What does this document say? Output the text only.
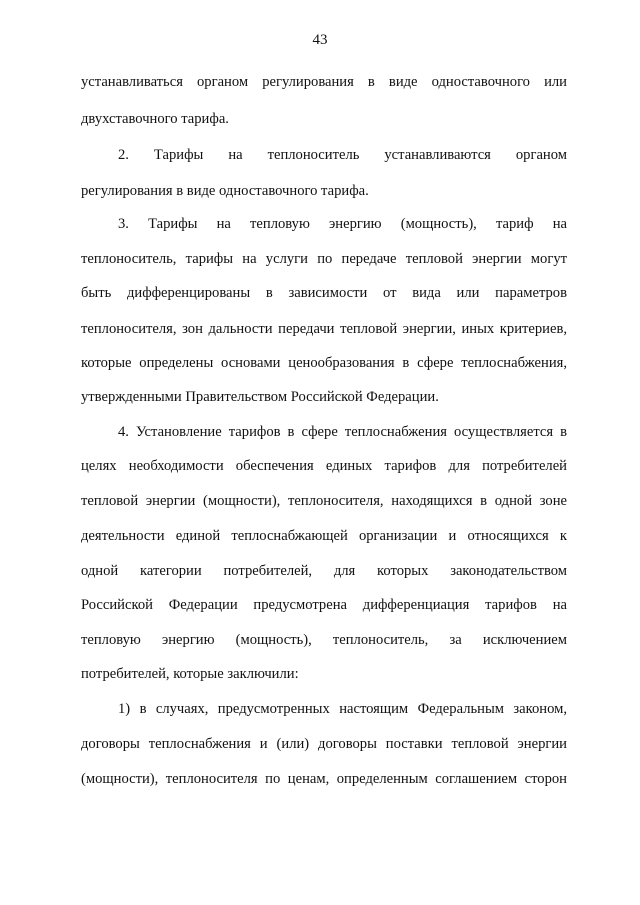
43
устанавливаться органом регулирования в виде одноставочного или
двухставочного тарифа.
2. Тарифы на теплоноситель устанавливаются органом
регулирования в виде одноставочного тарифа.
3. Тарифы на тепловую энергию (мощность), тариф на
теплоноситель, тарифы на услуги по передаче тепловой энергии могут
быть дифференцированы в зависимости от вида или параметров
теплоносителя, зон дальности передачи тепловой энергии, иных критериев,
которые определены основами ценообразования в сфере теплоснабжения,
утвержденными Правительством Российской Федерации.
4. Установление тарифов в сфере теплоснабжения осуществляется в
целях необходимости обеспечения единых тарифов для потребителей
тепловой энергии (мощности), теплоносителя, находящихся в одной зоне
деятельности единой теплоснабжающей организации и относящихся к
одной категории потребителей, для которых законодательством
Российской Федерации предусмотрена дифференциация тарифов на
тепловую энергию (мощность), теплоноситель, за исключением
потребителей, которые заключили:
1) в случаях, предусмотренных настоящим Федеральным законом,
договоры теплоснабжения и (или) договоры поставки тепловой энергии
(мощности), теплоносителя по ценам, определенным соглашением сторон
